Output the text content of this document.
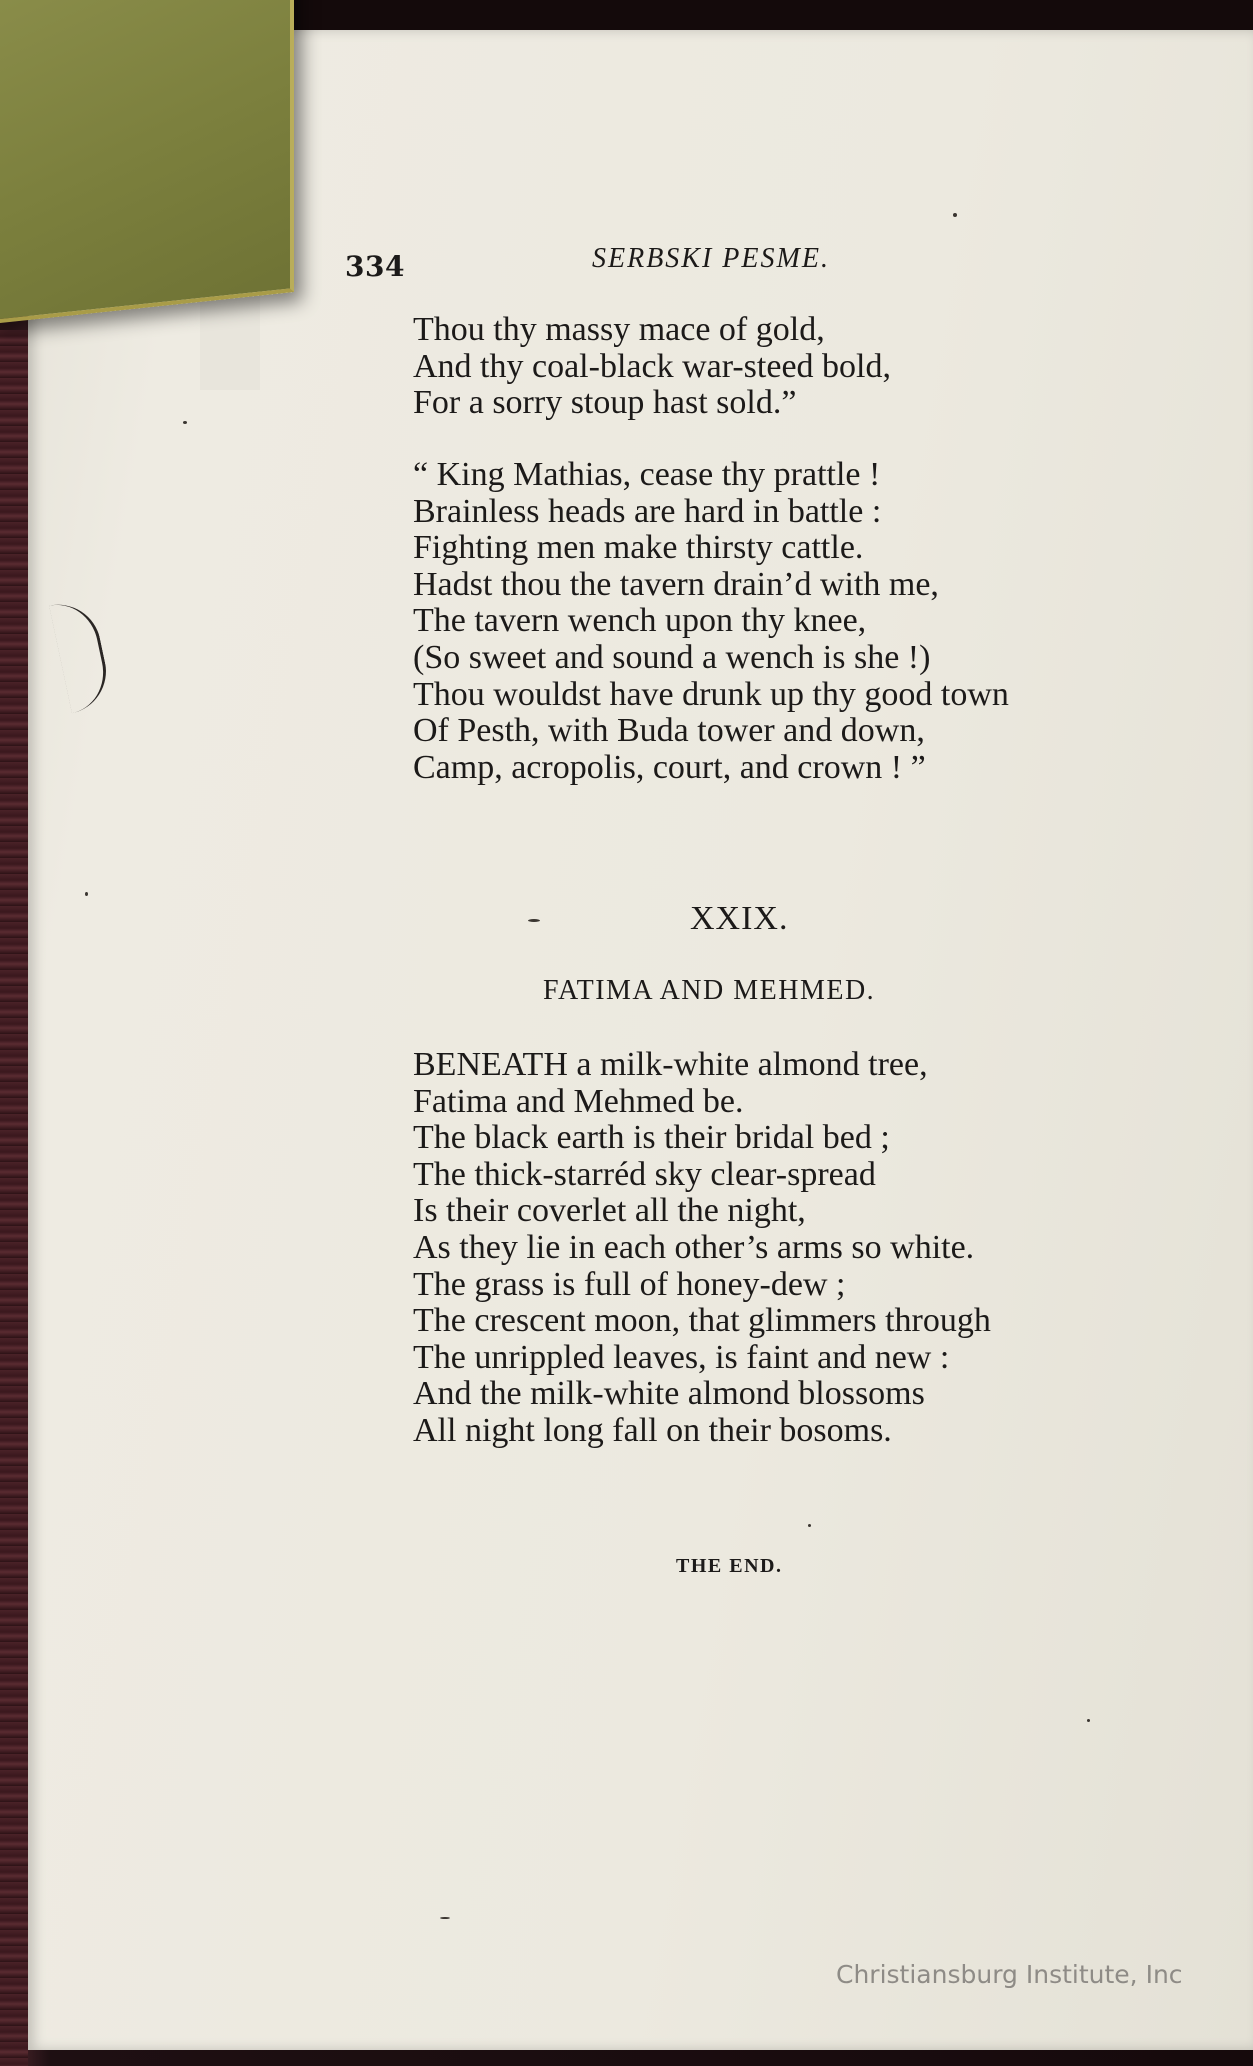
334	SERBSKI PESME.
Thou thy massy mace of gold,
And thy coal-black war-steed bold,
For a sorry stoup hast sold.”
“ King Mathias, cease thy prattle !
Brainless heads are hard in battle :
Fighting men make thirsty cattle.
Hadst thou the tavern drain’d with me,
The tavern wench upon thy knee,
(So sweet and sound a wench is she !)
Thou wouldst have drunk up thy good town
Of Pesth, with Buda tower and down,
Camp, acropolis, court, and crown ! ”
XXIX.
FATIMA AND MEHMED.
BENEATH a milk-white almond tree,
Fatima and Mehmed be.
The black earth is their bridal bed ;
The thick-starréd sky clear-spread
Is their coverlet all the night,
As they lie in each other’s arms so white.
The grass is full of honey-dew ;
The crescent moon, that glimmers through
The unrippled leaves, is faint and new :
And the milk-white almond blossoms
All night long fall on their bosoms.
THE END.
Christiansburg Institute, Inc
